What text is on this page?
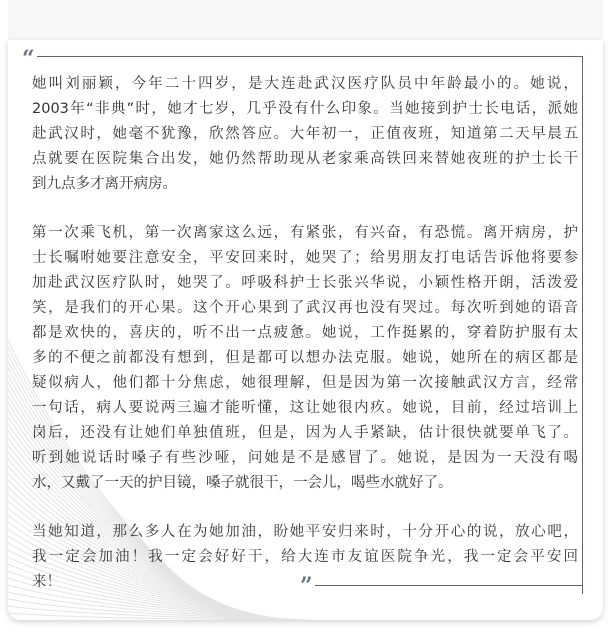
“
”

她叫刘丽颖，今年二十四岁，是大连赴武汉医疗队员中年龄最小的。她说，
2003年“非典”时，她才七岁，几乎没有什么印象。当她接到护士长电话，派她
赴武汉时，她毫不犹豫，欣然答应。大年初一，正值夜班，知道第二天早晨五
点就要在医院集合出发，她仍然帮助现从老家乘高铁回来替她夜班的护士长干
到九点多才离开病房。

第一次乘飞机，第一次离家这么远，有紧张，有兴奋，有恐慌。离开病房，护
士长嘱咐她要注意安全，平安回来时，她哭了；给男朋友打电话告诉他将要参
加赴武汉医疗队时，她哭了。呼吸科护士长张兴华说，小颖性格开朗，活泼爱
笑，是我们的开心果。这个开心果到了武汉再也没有哭过。每次听到她的语音
都是欢快的，喜庆的，听不出一点疲惫。她说，工作挺累的，穿着防护服有太
多的不便之前都没有想到，但是都可以想办法克服。她说，她所在的病区都是
疑似病人，他们都十分焦虑，她很理解，但是因为第一次接触武汉方言，经常
一句话，病人要说两三遍才能听懂，这让她很内疚。她说，目前，经过培训上
岗后，还没有让她们单独值班，但是，因为人手紧缺，估计很快就要单飞了。
听到她说话时嗓子有些沙哑，问她是不是感冒了。她说，是因为一天没有喝
水，又戴了一天的护目镜，嗓子就很干，一会儿，喝些水就好了。

当她知道，那么多人在为她加油，盼她平安归来时，十分开心的说，放心吧，
我一定会加油！我一定会好好干，给大连市友谊医院争光，我一定会平安回
来！
